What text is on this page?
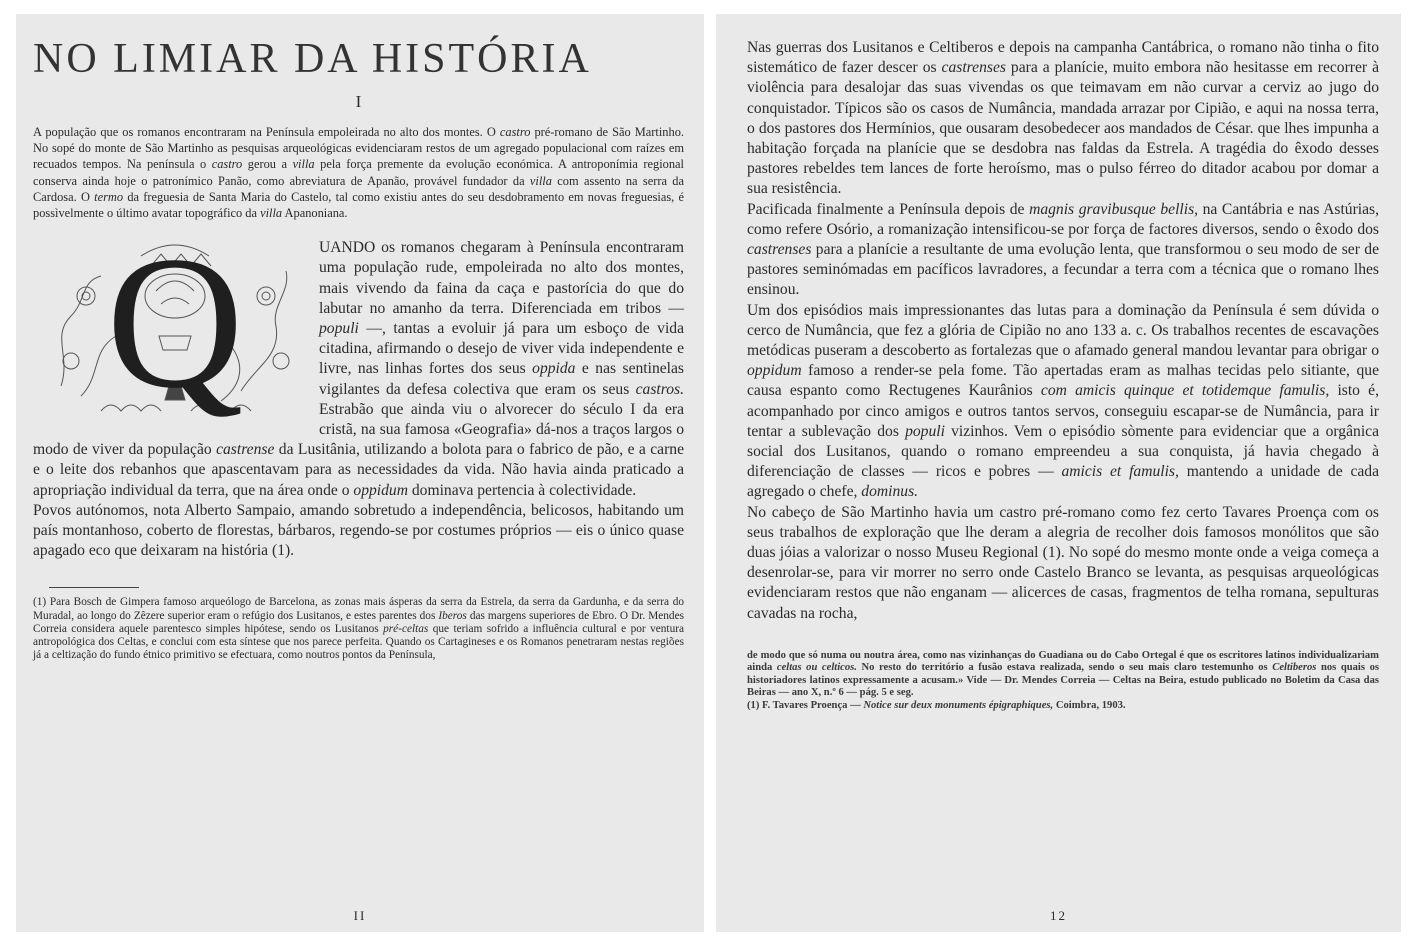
NO LIMIAR DA HISTÓRIA
I

A população que os romanos encontraram na Península empoleirada no alto dos montes. O castro pré-romano de São Martinho. No sopé do monte de São Martinho as pesquisas arqueológicas evidenciaram restos de um agregado populacional com raízes em recuados tempos. Na península o castro gerou a villa pela força premente da evolução económica. A antroponímia regional conserva ainda hoje o patronímico Panão, como abreviatura de Apanão, provável fundador da villa com assento na serra da Cardosa. O termo da freguesia de Santa Maria do Castelo, tal como existiu antes do seu desdobramento em novas freguesias, é possìvelmente o último avatar topográfico da villa Apanoniana.

Q	UANDO os romanos chegaram à Península encontraram uma população rude, empoleirada no alto dos montes, mais vivendo da faina da caça e pastorícia do que do labutar no amanho da terra. Diferenciada em tribos — populi —, tantas a evoluir já para um esboço de vida citadina, afirmando o desejo de viver vida independente e livre, nas linhas fortes dos seus oppida e nas sentinelas vigilantes da defesa colectiva que eram os seus castros. Estrabão que ainda viu o alvorecer do século I da era cristã, na sua famosa «Geografia» dá-nos a traços largos o modo de viver da população castrense da Lusitânia, utilizando a bolota para o fabrico de pão, e a carne e o leite dos rebanhos que apascentavam para as necessidades da vida. Não havia ainda praticado a apropriação individual da terra, que na área onde o oppidum dominava pertencia à colectividade.

Povos autónomos, nota Alberto Sampaio, amando sobretudo a independência, belicosos, habitando um país montanhoso, coberto de florestas, bárbaros, regendo-se por costumes próprios — eis o único quase apagado eco que deixaram na história (1).

(1) Para Bosch de Gimpera famoso arqueólogo de Barcelona, as zonas mais ásperas da serra da Estrela, da serra da Gardunha, e da serra do Muradal, ao longo do Zêzere superior eram o refúgio dos Lusitanos, e estes parentes dos Iberos das margens superiores de Ebro. O Dr. Mendes Correia considera aquele parentesco simples hipótese, sendo os Lusitanos pré-celtas que teriam sofrido a influência cultural e por ventura antropológica dos Celtas, e conclui com esta síntese que nos parece perfeita. Quando os Cartagineses e os Romanos penetraram nestas regiões já a celtização do fundo étnico primitivo se efectuara, como noutros pontos da Península,

II

Nas guerras dos Lusitanos e Celtiberos e depois na campanha Cantábrica, o romano não tinha o fito sistemático de fazer descer os castrenses para a planície, muito embora não hesitasse em recorrer à violência para desalojar das suas vivendas os que teimavam em não curvar a cerviz ao jugo do conquistador. Típicos são os casos de Numância, mandada arrazar por Cipião, e aqui na nossa terra, o dos pastores dos Hermínios, que ousaram desobedecer aos mandados de César. que lhes impunha a habitação forçada na planície que se desdobra nas faldas da Estrela. A tragédia do êxodo desses pastores rebeldes tem lances de forte heroísmo, mas o pulso férreo do ditador acabou por domar a sua resistência.

Pacificada finalmente a Península depois de magnis gravibusque bellis, na Cantábria e nas Astúrias, como refere Osório, a romanização intensificou-se por força de factores diversos, sendo o êxodo dos castrenses para a planície a resultante de uma evolução lenta, que transformou o seu modo de ser de pastores seminómadas em pacíficos lavradores, a fecundar a terra com a técnica que o romano lhes ensinou.

Um dos episódios mais impressionantes das lutas para a dominação da Península é sem dúvida o cerco de Numância, que fez a glória de Cipião no ano 133 a. c. Os trabalhos recentes de escavações metódicas puseram a descoberto as fortalezas que o afamado general mandou levantar para obrigar o oppidum famoso a render-se pela fome. Tão apertadas eram as malhas tecidas pelo sitiante, que causa espanto como Rectugenes Kaurânios com amicis quinque et totidemque famulis, isto é, acompanhado por cinco amigos e outros tantos servos, conseguiu escapar-se de Numância, para ir tentar a sublevação dos populi vizinhos. Vem o episódio sòmente para evidenciar que a orgânica social dos Lusitanos, quando o romano empreendeu a sua conquista, já havia chegado à diferenciação de classes — ricos e pobres — amicis et famulis, mantendo a unidade de cada agregado o chefe, dominus.

No cabeço de São Martinho havia um castro pré-romano como fez certo Tavares Proença com os seus trabalhos de exploração que lhe deram a alegria de recolher dois famosos monólitos que são duas jóias a valorizar o nosso Museu Regional (1). No sopé do mesmo monte onde a veiga começa a desenrolar-se, para vir morrer no serro onde Castelo Branco se levanta, as pesquisas arqueológicas evidenciaram restos que não enganam — alicerces de casas, fragmentos de telha romana, sepulturas cavadas na rocha,

de modo que só numa ou noutra área, como nas vizinhanças do Guadiana ou do Cabo Ortegal é que os escritores latinos individualizariam ainda celtas ou celticos. No resto do território a fusão estava realizada, sendo o seu mais claro testemunho os Celtiberos nos quais os historiadores latinos expressamente a acusam.» Vide — Dr. Mendes Correia — Celtas na Beira, estudo publicado no Boletim da Casa das Beiras — ano X, n.º 6 — pág. 5 e seg.

(1) F. Tavares Proença — Notice sur deux monuments épigraphiques, Coimbra, 1903.

12
